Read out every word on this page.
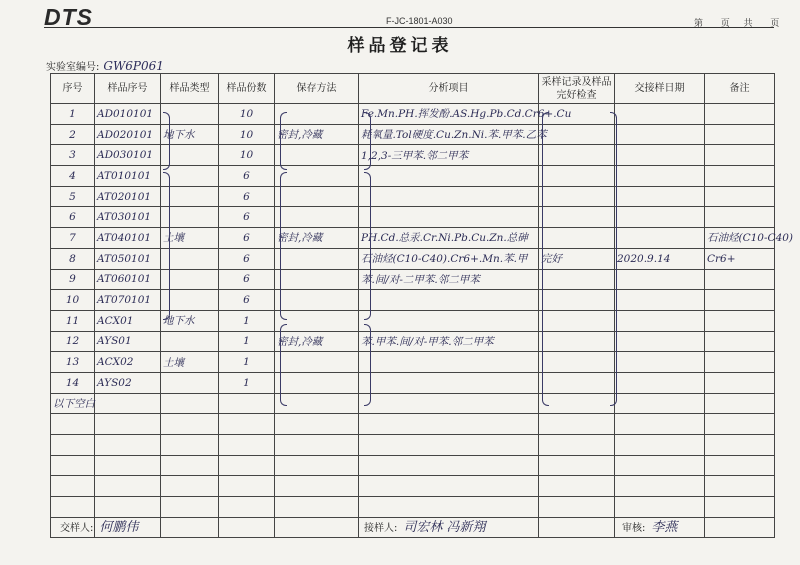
DTS	F-JC-1801-A030	第 页 共 页
样品登记表
实验室编号: GW6P061
序号	样品序号	样品类型	样品份数	保存方法	分析项目	采样记录及样品完好检查	交接样日期	备注
1	AD010101		10		Fe.Mn.PH.挥发酚.AS.Hg.Pb.Cd.Cr6+.Cu			
2	AD020101	地下水	10	密封,冷藏	耗氧量.Tol硬度.Cu.Zn.Ni.苯.甲苯.乙苯			
3	AD030101		10		1,2,3-三甲苯.邻二甲苯			
4	AT010101		6					
5	AT020101		6					
6	AT030101		6					
7	AT040101	土壤	6	密封,冷藏	PH.Cd.总汞.Cr.Ni.Pb.Cu.Zn.总砷			石油烃(C10-C40)
8	AT050101		6		石油烃(C10-C40).Cr6+.Mn.苯.甲	完好	2020.9.14	Cr6+
9	AT060101		6		苯.间/对-二甲苯.邻二甲苯			
10	AT070101		6					
11	ACX01	地下水	1					
12	AYS01		1	密封,冷藏	苯.甲苯.间/对-甲苯.邻二甲苯			
13	ACX02	土壤	1					
14	AYS02		1					
以下空白								

交样人: 何鹏伟	接样人: 司宏林 冯新翔	审核: 李燕
